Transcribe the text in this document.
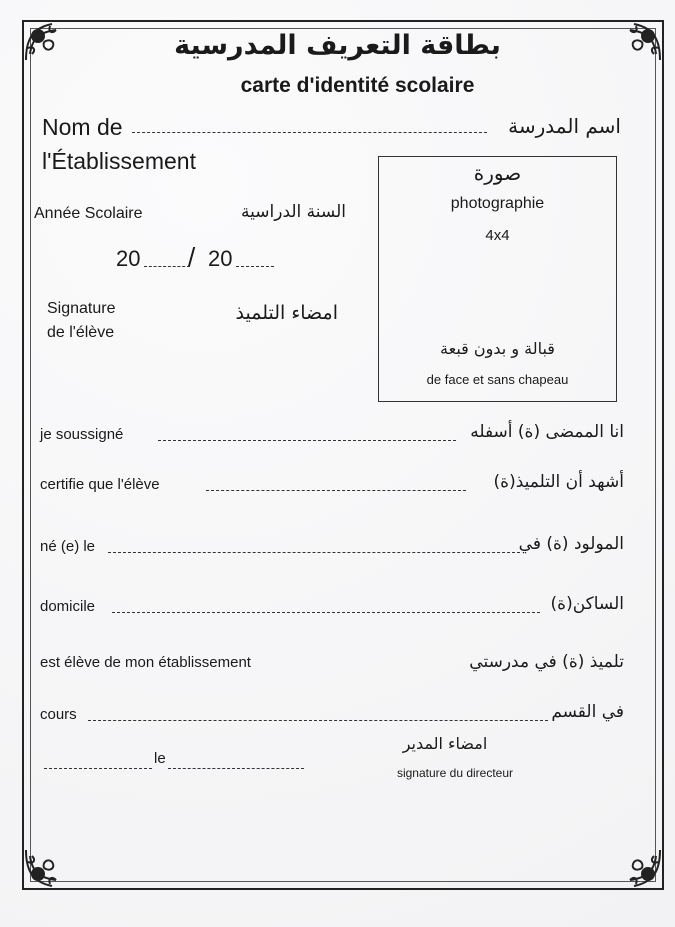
بطاقة التعريف المدرسية
carte d'identité scolaire
Nom de	اسم المدرسة
l'Établissement
Année Scolaire	السنة الدراسية
20 / 20
Signature
de l'élève
امضاء التلميذ
صورة
photographie
4x4
قبالة و بدون قبعة
de face et sans chapeau
je soussigné	انا الممضى (ة) أسفله
certifie que l'élève	أشهد أن التلميذ(ة)
né (e) le	المولود (ة) في
domicile	الساكن(ة)
est élève de mon établissement	تلميذ (ة) في مدرستي
cours	في القسم
le
امضاء المدير
signature du directeur
